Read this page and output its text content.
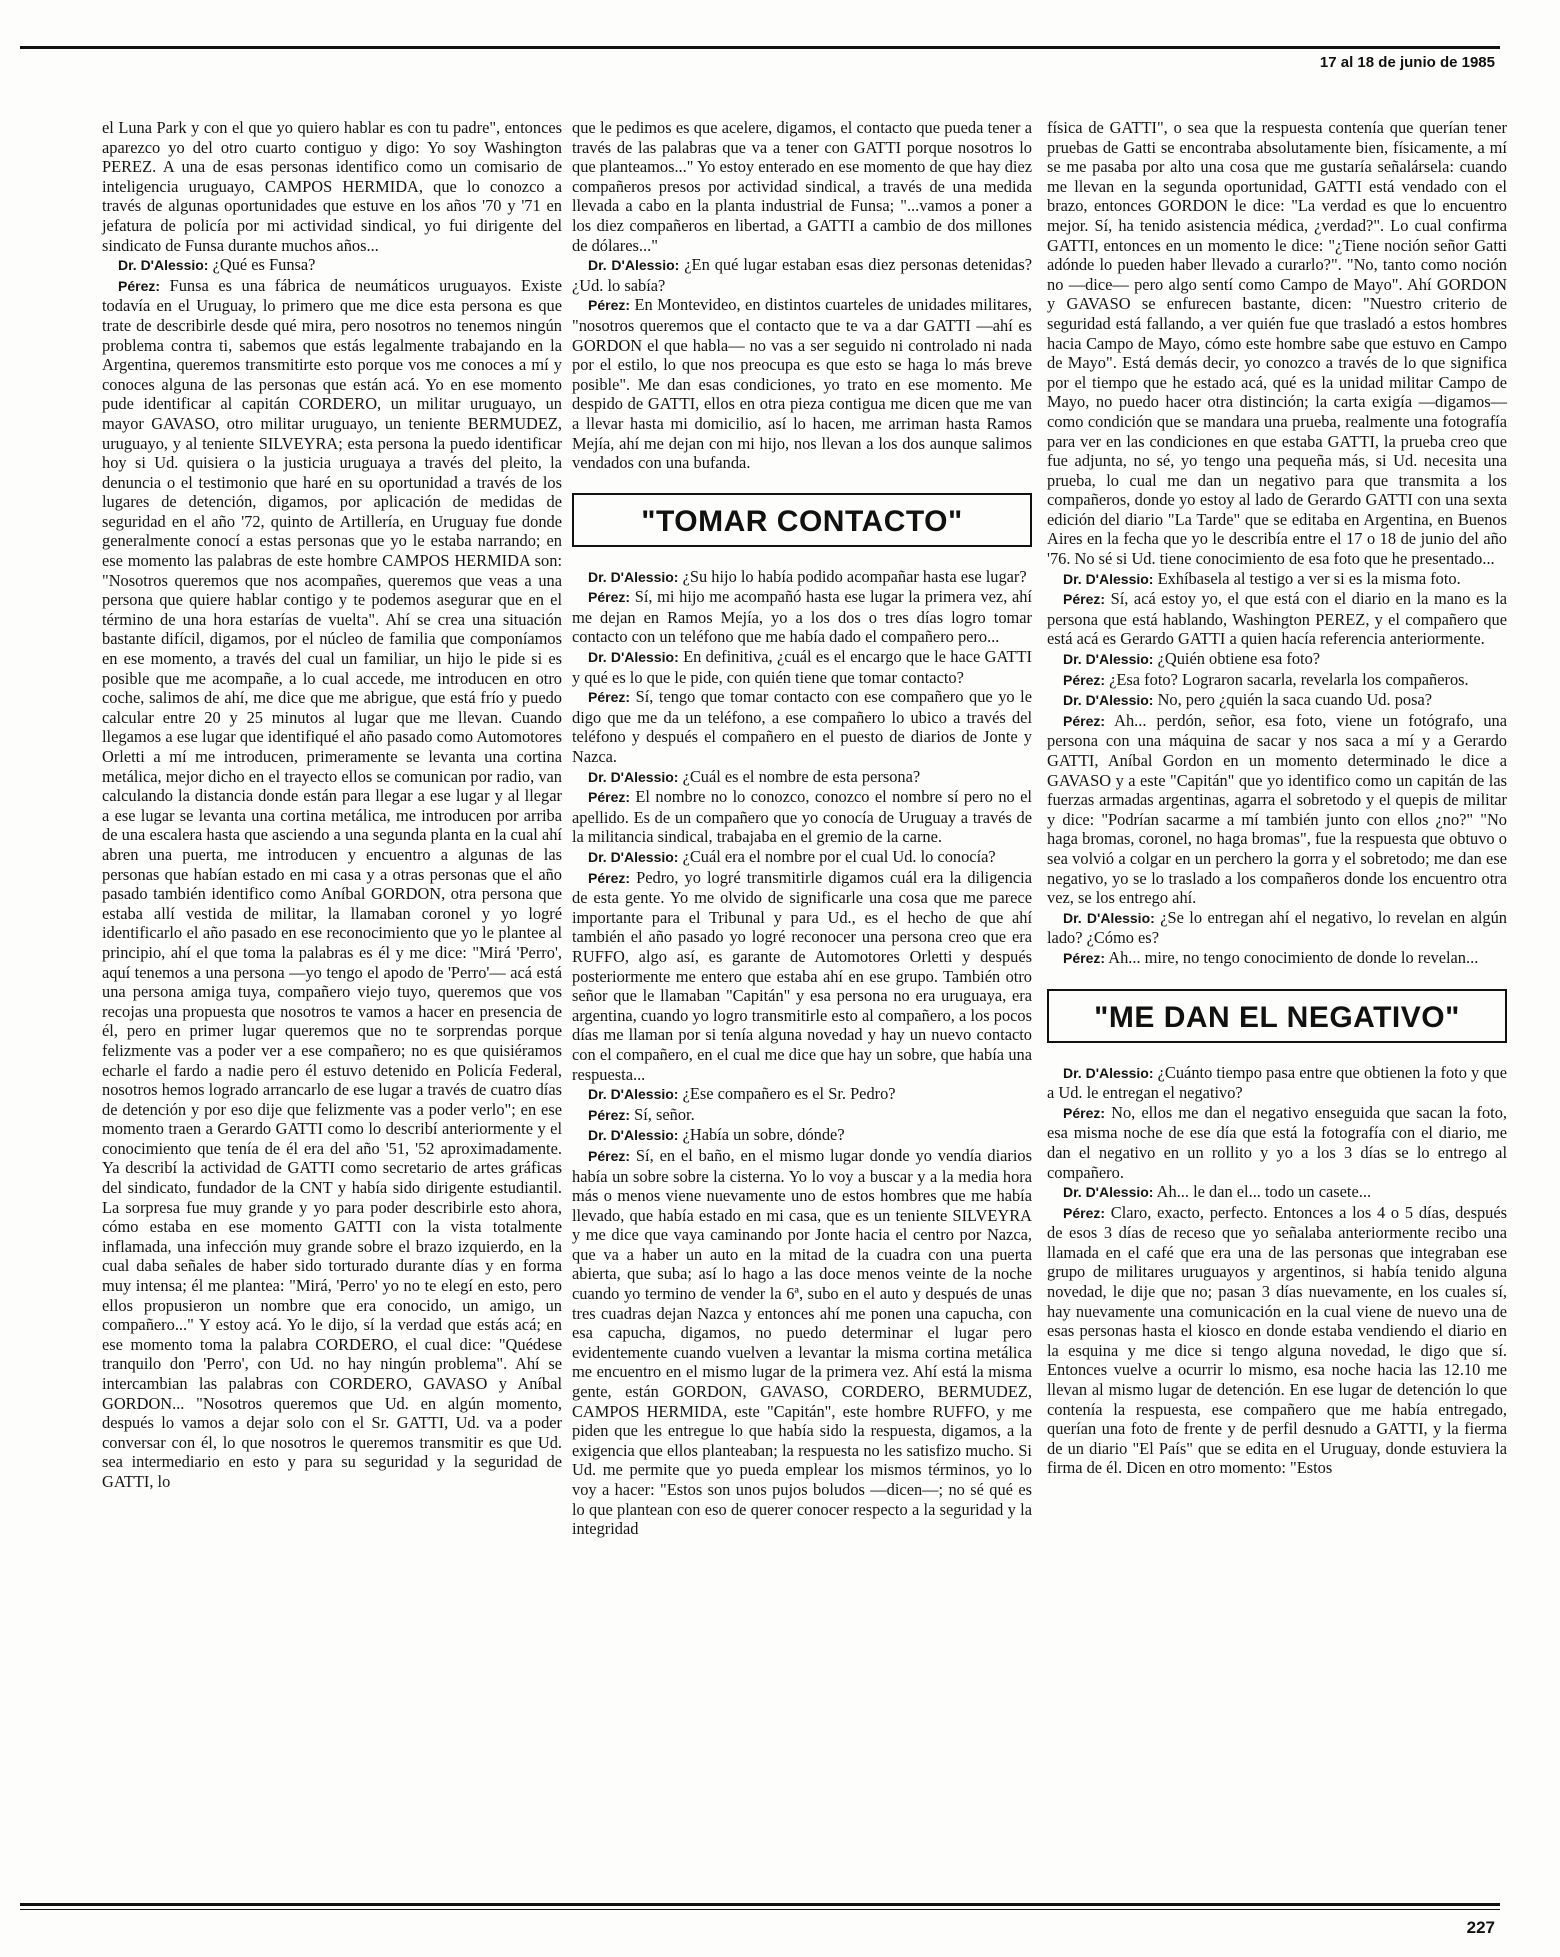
17 al 18 de junio de 1985

el Luna Park y con el que yo quiero hablar es con tu padre", entonces aparezco yo del otro cuarto contiguo y digo: Yo soy Washington PEREZ. A una de esas personas identifico como un comisario de inteligencia uruguayo, CAMPOS HERMIDA, que lo conozco a través de algunas oportunidades que estuve en los años '70 y '71 en jefatura de policía por mi actividad sindical, yo fui dirigente del sindicato de Funsa durante muchos años...

Dr. D'Alessio: ¿Qué es Funsa?

Pérez: Funsa es una fábrica de neumáticos uruguayos. Existe todavía en el Uruguay, lo primero que me dice esta persona es que trate de describirle desde qué mira, pero nosotros no tenemos ningún problema contra ti, sabemos que estás legalmente trabajando en la Argentina, queremos transmitirte esto porque vos me conoces a mí y conoces alguna de las personas que están acá. Yo en ese momento pude identificar al capitán CORDERO, un militar uruguayo, un mayor GAVASO, otro militar uruguayo, un teniente BERMUDEZ, uruguayo, y al teniente SILVEYRA; esta persona la puedo identificar hoy si Ud. quisiera o la justicia uruguaya a través del pleito, la denuncia o el testimonio que haré en su oportunidad a través de los lugares de detención, digamos, por aplicación de medidas de seguridad en el año '72, quinto de Artillería, en Uruguay fue donde generalmente conocí a estas personas que yo le estaba narrando; en ese momento las palabras de este hombre CAMPOS HERMIDA son: "Nosotros queremos que nos acompañes, queremos que veas a una persona que quiere hablar contigo y te podemos asegurar que en el término de una hora estarías de vuelta". Ahí se crea una situación bastante difícil, digamos, por el núcleo de familia que componíamos en ese momento, a través del cual un familiar, un hijo le pide si es posible que me acompañe, a lo cual accede, me introducen en otro coche, salimos de ahí, me dice que me abrigue, que está frío y puedo calcular entre 20 y 25 minutos al lugar que me llevan. Cuando llegamos a ese lugar que identifiqué el año pasado como Automotores Orletti a mí me introducen, primeramente se levanta una cortina metálica, mejor dicho en el trayecto ellos se comunican por radio, van calculando la distancia donde están para llegar a ese lugar y al llegar a ese lugar se levanta una cortina metálica, me introducen por arriba de una escalera hasta que asciendo a una segunda planta en la cual ahí abren una puerta, me introducen y encuentro a algunas de las personas que habían estado en mi casa y a otras personas que el año pasado también identifico como Aníbal GORDON, otra persona que estaba allí vestida de militar, la llamaban coronel y yo logré identificarlo el año pasado en ese reconocimiento que yo le plantee al principio, ahí el que toma la palabras es él y me dice: "Mirá 'Perro', aquí tenemos a una persona —yo tengo el apodo de 'Perro'— acá está una persona amiga tuya, compañero viejo tuyo, queremos que vos recojas una propuesta que nosotros te vamos a hacer en presencia de él, pero en primer lugar queremos que no te sorprendas porque felizmente vas a poder ver a ese compañero; no es que quisiéramos echarle el fardo a nadie pero él estuvo detenido en Policía Federal, nosotros hemos logrado arrancarlo de ese lugar a través de cuatro días de detención y por eso dije que felizmente vas a poder verlo"; en ese momento traen a Gerardo GATTI como lo describí anteriormente y el conocimiento que tenía de él era del año '51, '52 aproximadamente. Ya describí la actividad de GATTI como secretario de artes gráficas del sindicato, fundador de la CNT y había sido dirigente estudiantil. La sorpresa fue muy grande y yo para poder describirle esto ahora, cómo estaba en ese momento GATTI con la vista totalmente inflamada, una infección muy grande sobre el brazo izquierdo, en la cual daba señales de haber sido torturado durante días y en forma muy intensa; él me plantea: "Mirá, 'Perro' yo no te elegí en esto, pero ellos propusieron un nombre que era conocido, un amigo, un compañero..." Y estoy acá. Yo le dijo, sí la verdad que estás acá; en ese momento toma la palabra CORDERO, el cual dice: "Quédese tranquilo don 'Perro', con Ud. no hay ningún problema". Ahí se intercambian las palabras con CORDERO, GAVASO y Aníbal GORDON... "Nosotros queremos que Ud. en algún momento, después lo vamos a dejar solo con el Sr. GATTI, Ud. va a poder conversar con él, lo que nosotros le queremos transmitir es que Ud. sea intermediario en esto y para su seguridad y la seguridad de GATTI, lo

que le pedimos es que acelere, digamos, el contacto que pueda tener a través de las palabras que va a tener con GATTI porque nosotros lo que planteamos..." Yo estoy enterado en ese momento de que hay diez compañeros presos por actividad sindical, a través de una medida llevada a cabo en la planta industrial de Funsa; "...vamos a poner a los diez compañeros en libertad, a GATTI a cambio de dos millones de dólares..."

Dr. D'Alessio: ¿En qué lugar estaban esas diez personas detenidas? ¿Ud. lo sabía?

Pérez: En Montevideo, en distintos cuarteles de unidades militares, "nosotros queremos que el contacto que te va a dar GATTI —ahí es GORDON el que habla— no vas a ser seguido ni controlado ni nada por el estilo, lo que nos preocupa es que esto se haga lo más breve posible". Me dan esas condiciones, yo trato en ese momento. Me despido de GATTI, ellos en otra pieza contigua me dicen que me van a llevar hasta mi domicilio, así lo hacen, me arriman hasta Ramos Mejía, ahí me dejan con mi hijo, nos llevan a los dos aunque salimos vendados con una bufanda.

"TOMAR CONTACTO"

Dr. D'Alessio: ¿Su hijo lo había podido acompañar hasta ese lugar?

Pérez: Sí, mi hijo me acompañó hasta ese lugar la primera vez, ahí me dejan en Ramos Mejía, yo a los dos o tres días logro tomar contacto con un teléfono que me había dado el compañero pero...

Dr. D'Alessio: En definitiva, ¿cuál es el encargo que le hace GATTI y qué es lo que le pide, con quién tiene que tomar contacto?

Pérez: Sí, tengo que tomar contacto con ese compañero que yo le digo que me da un teléfono, a ese compañero lo ubico a través del teléfono y después el compañero en el puesto de diarios de Jonte y Nazca.

Dr. D'Alessio: ¿Cuál es el nombre de esta persona?

Pérez: El nombre no lo conozco, conozco el nombre sí pero no el apellido. Es de un compañero que yo conocía de Uruguay a través de la militancia sindical, trabajaba en el gremio de la carne.

Dr. D'Alessio: ¿Cuál era el nombre por el cual Ud. lo conocía?

Pérez: Pedro, yo logré transmitirle digamos cuál era la diligencia de esta gente. Yo me olvido de significarle una cosa que me parece importante para el Tribunal y para Ud., es el hecho de que ahí también el año pasado yo logré reconocer una persona creo que era RUFFO, algo así, es garante de Automotores Orletti y después posteriormente me entero que estaba ahí en ese grupo. También otro señor que le llamaban "Capitán" y esa persona no era uruguaya, era argentina, cuando yo logro transmitirle esto al compañero, a los pocos días me llaman por si tenía alguna novedad y hay un nuevo contacto con el compañero, en el cual me dice que hay un sobre, que había una respuesta...

Dr. D'Alessio: ¿Ese compañero es el Sr. Pedro?

Pérez: Sí, señor.

Dr. D'Alessio: ¿Había un sobre, dónde?

Pérez: Sí, en el baño, en el mismo lugar donde yo vendía diarios había un sobre sobre la cisterna. Yo lo voy a buscar y a la media hora más o menos viene nuevamente uno de estos hombres que me había llevado, que había estado en mi casa, que es un teniente SILVEYRA y me dice que vaya caminando por Jonte hacia el centro por Nazca, que va a haber un auto en la mitad de la cuadra con una puerta abierta, que suba; así lo hago a las doce menos veinte de la noche cuando yo termino de vender la 6ª, subo en el auto y después de unas tres cuadras dejan Nazca y entonces ahí me ponen una capucha, con esa capucha, digamos, no puedo determinar el lugar pero evidentemente cuando vuelven a levantar la misma cortina metálica me encuentro en el mismo lugar de la primera vez. Ahí está la misma gente, están GORDON, GAVASO, CORDERO, BERMUDEZ, CAMPOS HERMIDA, este "Capitán", este hombre RUFFO, y me piden que les entregue lo que había sido la respuesta, digamos, a la exigencia que ellos planteaban; la respuesta no les satisfizo mucho. Si Ud. me permite que yo pueda emplear los mismos términos, yo lo voy a hacer: "Estos son unos pujos boludos —dicen—; no sé qué es lo que plantean con eso de querer conocer respecto a la seguridad y la integridad

física de GATTI", o sea que la respuesta contenía que querían tener pruebas de Gatti se encontraba absolutamente bien, físicamente, a mí se me pasaba por alto una cosa que me gustaría señalársela: cuando me llevan en la segunda oportunidad, GATTI está vendado con el brazo, entonces GORDON le dice: "La verdad es que lo encuentro mejor. Sí, ha tenido asistencia médica, ¿verdad?". Lo cual confirma GATTI, entonces en un momento le dice: "¿Tiene noción señor Gatti adónde lo pueden haber llevado a curarlo?". "No, tanto como noción no —dice— pero algo sentí como Campo de Mayo". Ahí GORDON y GAVASO se enfurecen bastante, dicen: "Nuestro criterio de seguridad está fallando, a ver quién fue que trasladó a estos hombres hacia Campo de Mayo, cómo este hombre sabe que estuvo en Campo de Mayo". Está demás decir, yo conozco a través de lo que significa por el tiempo que he estado acá, qué es la unidad militar Campo de Mayo, no puedo hacer otra distinción; la carta exigía —digamos— como condición que se mandara una prueba, realmente una fotografía para ver en las condiciones en que estaba GATTI, la prueba creo que fue adjunta, no sé, yo tengo una pequeña más, si Ud. necesita una prueba, lo cual me dan un negativo para que transmita a los compañeros, donde yo estoy al lado de Gerardo GATTI con una sexta edición del diario "La Tarde" que se editaba en Argentina, en Buenos Aires en la fecha que yo le describía entre el 17 o 18 de junio del año '76. No sé si Ud. tiene conocimiento de esa foto que he presentado...

Dr. D'Alessio: Exhíbasela al testigo a ver si es la misma foto.

Pérez: Sí, acá estoy yo, el que está con el diario en la mano es la persona que está hablando, Washington PEREZ, y el compañero que está acá es Gerardo GATTI a quien hacía referencia anteriormente.

Dr. D'Alessio: ¿Quién obtiene esa foto?

Pérez: ¿Esa foto? Lograron sacarla, revelarla los compañeros.

Dr. D'Alessio: No, pero ¿quién la saca cuando Ud. posa?

Pérez: Ah... perdón, señor, esa foto, viene un fotógrafo, una persona con una máquina de sacar y nos saca a mí y a Gerardo GATTI, Aníbal Gordon en un momento determinado le dice a GAVASO y a este "Capitán" que yo identifico como un capitán de las fuerzas armadas argentinas, agarra el sobretodo y el quepis de militar y dice: "Podrían sacarme a mí también junto con ellos ¿no?" "No haga bromas, coronel, no haga bromas", fue la respuesta que obtuvo o sea volvió a colgar en un perchero la gorra y el sobretodo; me dan ese negativo, yo se lo traslado a los compañeros donde los encuentro otra vez, se los entrego ahí.

Dr. D'Alessio: ¿Se lo entregan ahí el negativo, lo revelan en algún lado? ¿Cómo es?

Pérez: Ah... mire, no tengo conocimiento de donde lo revelan...

"ME DAN EL NEGATIVO"

Dr. D'Alessio: ¿Cuánto tiempo pasa entre que obtienen la foto y que a Ud. le entregan el negativo?

Pérez: No, ellos me dan el negativo enseguida que sacan la foto, esa misma noche de ese día que está la fotografía con el diario, me dan el negativo en un rollito y yo a los 3 días se lo entrego al compañero.

Dr. D'Alessio: Ah... le dan el... todo un casete...

Pérez: Claro, exacto, perfecto. Entonces a los 4 o 5 días, después de esos 3 días de receso que yo señalaba anteriormente recibo una llamada en el café que era una de las personas que integraban ese grupo de militares uruguayos y argentinos, si había tenido alguna novedad, le dije que no; pasan 3 días nuevamente, en los cuales sí, hay nuevamente una comunicación en la cual viene de nuevo una de esas personas hasta el kiosco en donde estaba vendiendo el diario en la esquina y me dice si tengo alguna novedad, le digo que sí. Entonces vuelve a ocurrir lo mismo, esa noche hacia las 12.10 me llevan al mismo lugar de detención. En ese lugar de detención lo que contenía la respuesta, ese compañero que me había entregado, querían una foto de frente y de perfil desnudo a GATTI, y la fierma de un diario "El País" que se edita en el Uruguay, donde estuviera la firma de él. Dicen en otro momento: "Estos

227
